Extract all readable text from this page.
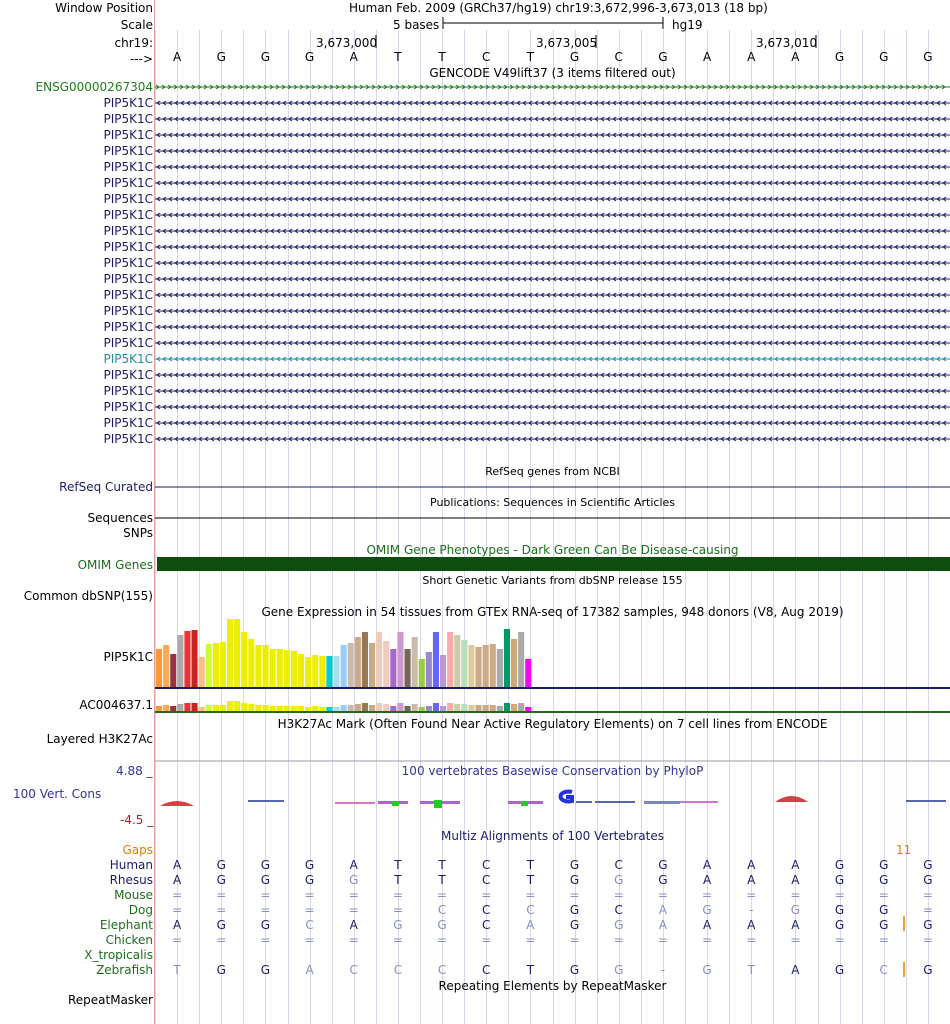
Window Position	Human Feb. 2009 (GRCh37/hg19) chr19:3,672,996-3,673,013 (18 bp)
Scale	5 bases	hg19
chr19:	3,673,000	3,673,005	3,673,010
--->	A	G	G	G	A	T	T	C	T	G	C	G	A	A	A	G	G	G
GENCODE V49lift37 (3 items filtered out)
ENSG00000267304
PIP5K1C
PIP5K1C
PIP5K1C
PIP5K1C
PIP5K1C
PIP5K1C
PIP5K1C
PIP5K1C
PIP5K1C
PIP5K1C
PIP5K1C
PIP5K1C
PIP5K1C
PIP5K1C
PIP5K1C
PIP5K1C
PIP5K1C
PIP5K1C
PIP5K1C
PIP5K1C
PIP5K1C
PIP5K1C
RefSeq genes from NCBI
RefSeq Curated
Publications: Sequences in Scientific Articles
Sequences
SNPs
OMIM Gene Phenotypes - Dark Green Can Be Disease-causing
OMIM Genes
Short Genetic Variants from dbSNP release 155
Common dbSNP(155)
Gene Expression in 54 tissues from GTEx RNA-seq of 17382 samples, 948 donors (V8, Aug 2019)
PIP5K1C
AC004637.1
H3K27Ac Mark (Often Found Near Active Regulatory Elements) on 7 cell lines from ENCODE
Layered H3K27Ac
100 vertebrates Basewise Conservation by PhyloP
4.88 _
100 Vert. Cons
-4.5 _
Multiz Alignments of 100 Vertebrates
Gaps	11
Human	A	G	G	G	A	T	T	C	T	G	C	G	A	A	A	G	G	G
Rhesus	A	G	G	G	G	T	T	C	T	G	G	G	A	A	A	G	G	G
Mouse	=	=	=	=	=	=	=	=	=	=	=	=	=	=	=	=	=	=
Dog	=	=	=	=	=	=	C	C	C	G	C	A	G	-	G	G	G	=
Elephant	A	G	G	C	A	G	G	C	A	G	G	A	A	A	A	G	G	G
Chicken	=	=	=	=	=	=	=	=	=	=	=	=	=	=	=	=	=	=
X_tropicalis
Zebrafish	T	G	G	A	C	C	C	C	T	G	G	-	G	T	A	G	C	G
Repeating Elements by RepeatMasker
RepeatMasker
